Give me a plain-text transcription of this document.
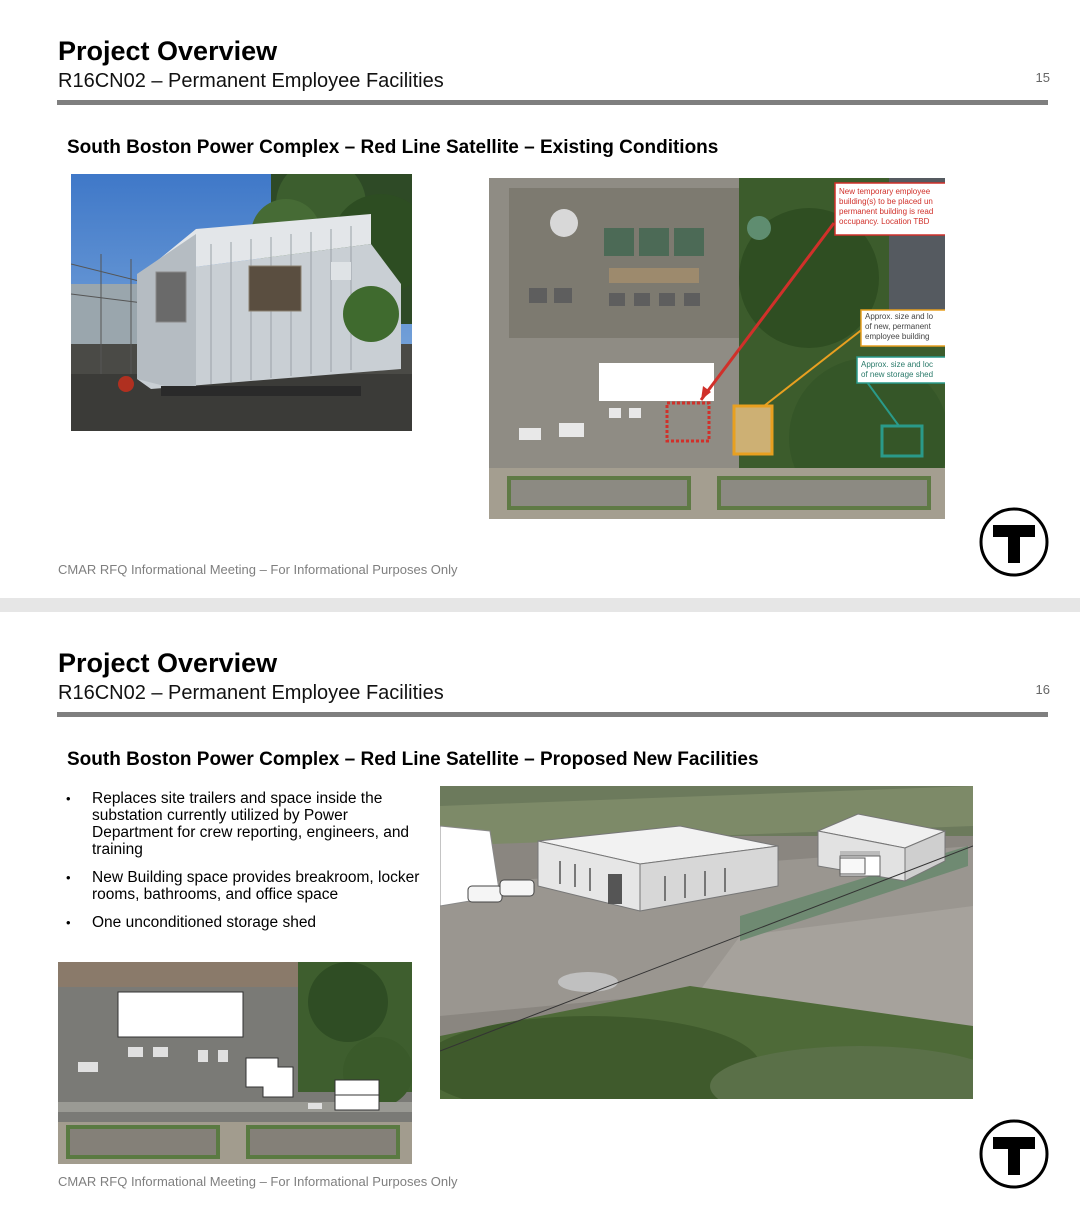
Project Overview
R16CN02 – Permanent Employee Facilities	15
South Boston Power Complex – Red Line Satellite – Existing Conditions
New temporary employee
building(s) to be placed un
permanent building is read
occupancy. Location TBD
Approx. size and lo
of new, permanent
employee building
Approx. size and loc
of new storage shed
CMAR RFQ Informational Meeting – For Informational Purposes Only
Project Overview
R16CN02 – Permanent Employee Facilities	16
South Boston Power Complex – Red Line Satellite – Proposed New Facilities
• Replaces site trailers and space inside the substation currently utilized by Power Department for crew reporting, engineers, and training
• New Building space provides breakroom, locker rooms, bathrooms, and office space
• One unconditioned storage shed
CMAR RFQ Informational Meeting – For Informational Purposes Only
